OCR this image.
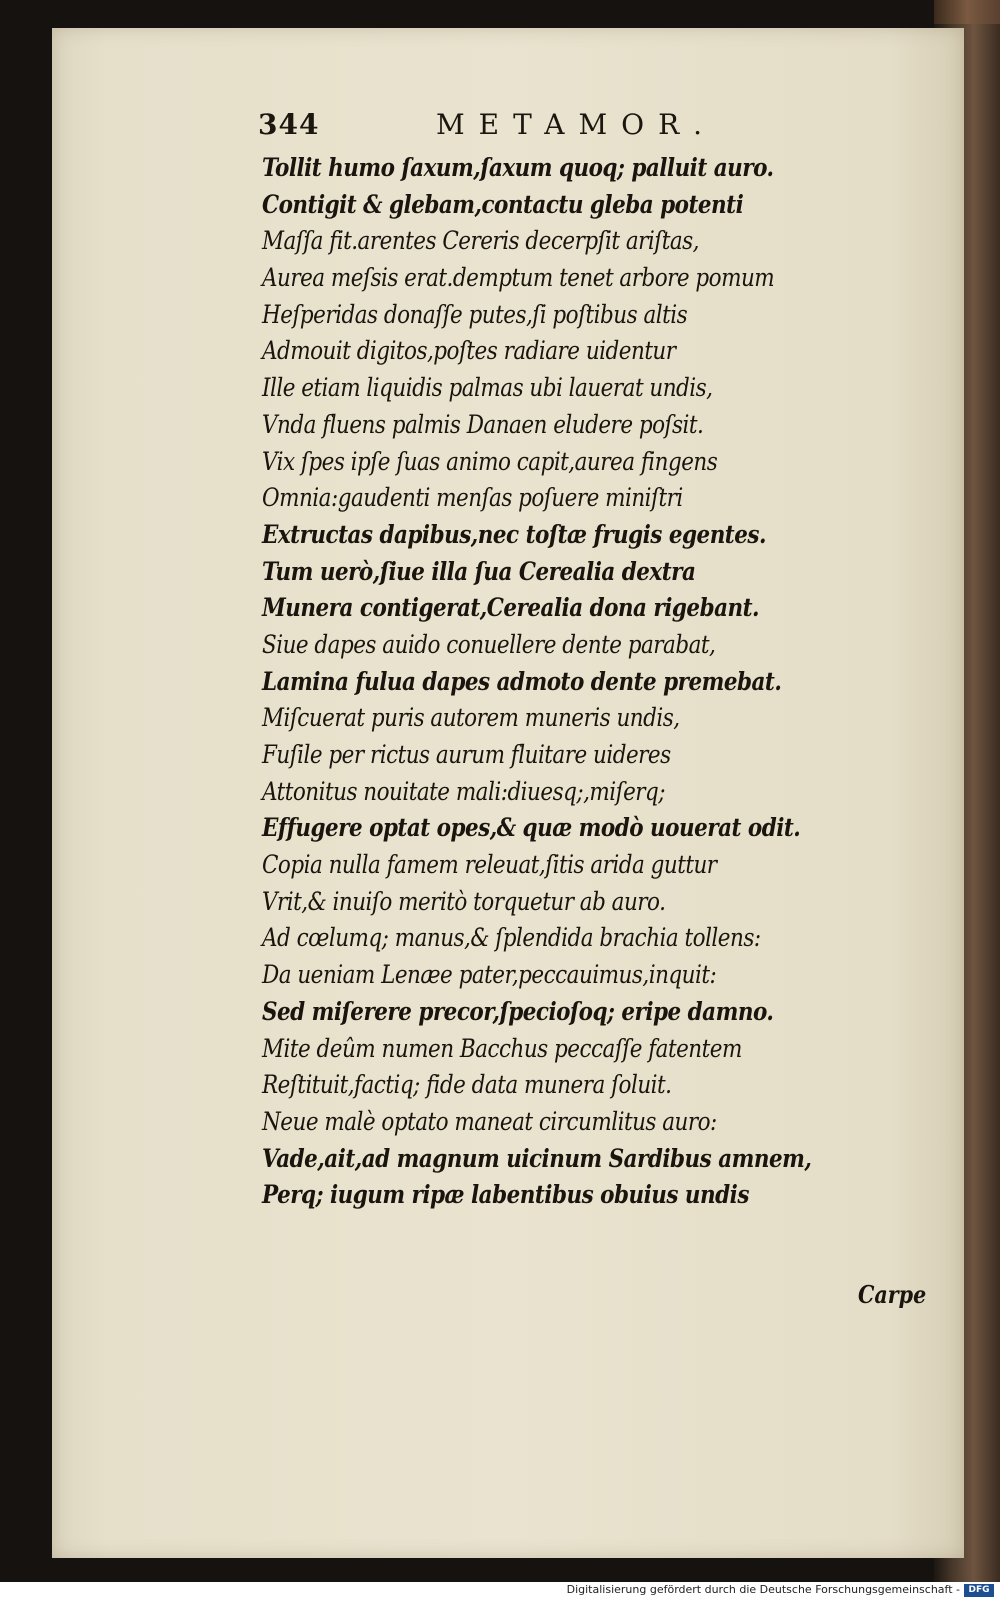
344	METAMOR.
Tollit humo ſaxum,ſaxum quoq; palluit auro.
Contigit & glebam,contactu gleba potenti
Maſſa fit.arentes Cereris decerpſit ariſtas,
Aurea meſsis erat.demptum tenet arbore pomum
Heſperidas donaſſe putes,ſi poſtibus altis
Admouit digitos,poſtes radiare uidentur
Ille etiam liquidis palmas ubi lauerat undis,
Vnda fluens palmis Danaen eludere poſsit.
Vix ſpes ipſe ſuas animo capit,aurea fingens
Omnia:gaudenti menſas poſuere miniſtri
Extructas dapibus,nec toſtæ frugis egentes.
Tum uerò,ſiue illa ſua Cerealia dextra
Munera contigerat,Cerealia dona rigebant.
Siue dapes auido conuellere dente parabat,
Lamina fulua dapes admoto dente premebat.
Miſcuerat puris autorem muneris undis,
Fuſile per rictus aurum fluitare uideres
Attonitus nouitate mali:diuesq;,miſerq;
Effugere optat opes,& quæ modò uouerat odit.
Copia nulla famem releuat,ſitis arida guttur
Vrit,& inuiſo meritò torquetur ab auro.
Ad cœlumq; manus,& ſplendida brachia tollens:
Da ueniam Lenæe pater,peccauimus,inquit:
Sed miſerere precor,ſpecioſoq; eripe damno.
Mite deûm numen Bacchus peccaſſe fatentem
Reſtituit,factiq; fide data munera ſoluit.
Neue malè optato maneat circumlitus auro:
Vade,ait,ad magnum uicinum Sardibus amnem,
Perq; iugum ripæ labentibus obuius undis
Carpe
Digitalisierung gefördert durch die Deutsche Forschungsgemeinschaft - DFG
